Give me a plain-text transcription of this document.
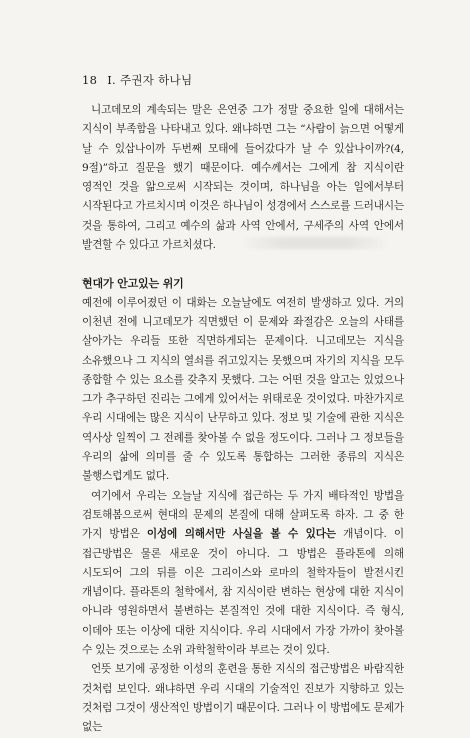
18 I. 주권자 하나님

니고데모의 계속되는 말은 은연중 그가 정말 중요한 일에 대해서는 지식이 부족함을 나타내고 있다. 왜냐하면 그는 “사람이 늙으면 어떻게 날 수 있삽나이까 두번째 모태에 들어갔다가 날 수 있삽나이까?(4, 9절)”하고 질문을 했기 때문이다. 예수께서는 그에게 참 지식이란 영적인 것을 앎으로써 시작되는 것이며, 하나님을 아는 일에서부터 시작된다고 가르치시며 이것은 하나님이 성경에서 스스로를 드러내시는 것을 통하여, 그리고 예수의 삶과 사역 안에서, 구세주의 사역 안에서 발견할 수 있다고 가르치셨다.

현대가 안고있는 위기

예전에 이루어졌던 이 대화는 오늘날에도 여전히 발생하고 있다. 거의 이천년 전에 니고데모가 직면했던 이 문제와 좌절감은 오늘의 사태를 살아가는 우리들 또한 직면하게되는 문제이다. 니고데모는 지식을 소유했으나 그 지식의 열쇠를 쥐고있지는 못했으며 자기의 지식을 모두 종합할 수 있는 요소를 갖추지 못했다. 그는 어떤 것을 알고는 있었으나 그가 추구하던 진리는 그에게 있어서는 위태로운 것이었다. 마찬가지로 우리 시대에는 많은 지식이 난무하고 있다. 정보 및 기술에 관한 지식은 역사상 일찍이 그 전례를 찾아볼 수 없을 정도이다. 그러나 그 정보들을 우리의 삶에 의미를 줄 수 있도록 통합하는 그러한 종류의 지식은 불행스럽게도 없다.

여기에서 우리는 오늘날 지식에 접근하는 두 가지 배타적인 방법을 검토해봄으로써 현대의 문제의 본질에 대해 살펴도록 하자. 그 중 한 가지 방법은 이성에 의해서만 사실을 볼 수 있다는 개념이다. 이 접근방법은 물론 새로운 것이 아니다. 그 방법은 플라톤에 의해 시도되어 그의 뒤를 이은 그리이스와 로마의 철학자들이 발전시킨 개념이다. 플라톤의 철학에서, 참 지식이란 변하는 현상에 대한 지식이 아니라 영원하면서 불변하는 본질적인 것에 대한 지식이다. 즉 형식, 이데아 또는 이상에 대한 지식이다. 우리 시대에서 가장 가까이 찾아볼 수 있는 것으로는 소위 과학철학이라 부르는 것이 있다.

언뜻 보기에 공정한 이성의 훈련을 통한 지식의 접근방법은 바람직한 것처럼 보인다. 왜냐하면 우리 시대의 기술적인 진보가 지향하고 있는 것처럼 그것이 생산적인 방법이기 때문이다. 그러나 이 방법에도 문제가 없는
